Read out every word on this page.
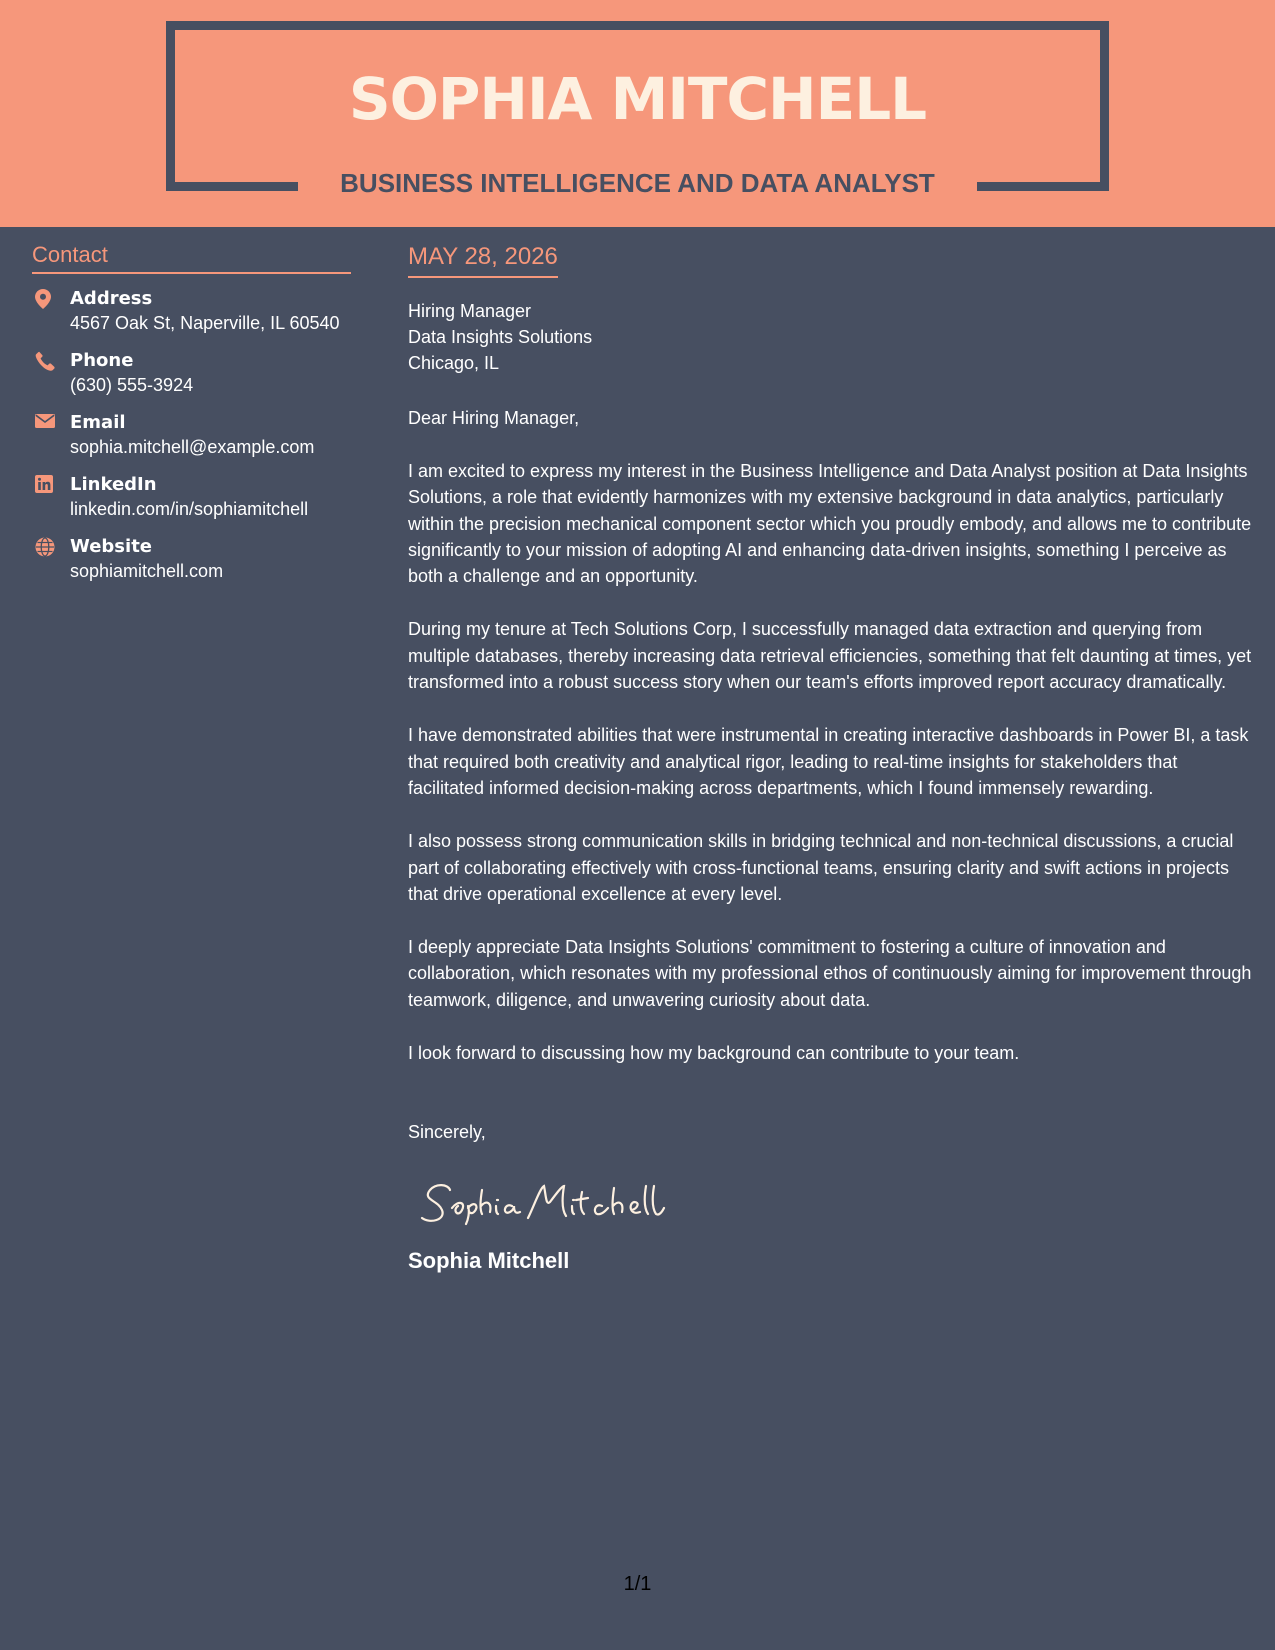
SOPHIA MITCHELL
BUSINESS INTELLIGENCE AND DATA ANALYST
Contact
Address
4567 Oak St, Naperville, IL 60540
Phone
(630) 555-3924
Email
sophia.mitchell@example.com
LinkedIn
linkedin.com/in/sophiamitchell
Website
sophiamitchell.com
MAY 28, 2026
Hiring Manager
Data Insights Solutions
Chicago, IL
Dear Hiring Manager,

I am excited to express my interest in the Business Intelligence and Data Analyst position at Data Insights Solutions, a role that evidently harmonizes with my extensive background in data analytics, particularly within the precision mechanical component sector which you proudly embody, and allows me to contribute significantly to your mission of adopting AI and enhancing data-driven insights, something I perceive as both a challenge and an opportunity.

During my tenure at Tech Solutions Corp, I successfully managed data extraction and querying from multiple databases, thereby increasing data retrieval efficiencies, something that felt daunting at times, yet transformed into a robust success story when our team's efforts improved report accuracy dramatically.

I have demonstrated abilities that were instrumental in creating interactive dashboards in Power BI, a task that required both creativity and analytical rigor, leading to real-time insights for stakeholders that facilitated informed decision-making across departments, which I found immensely rewarding.

I also possess strong communication skills in bridging technical and non-technical discussions, a crucial part of collaborating effectively with cross-functional teams, ensuring clarity and swift actions in projects that drive operational excellence at every level.

I deeply appreciate Data Insights Solutions' commitment to fostering a culture of innovation and collaboration, which resonates with my professional ethos of continuously aiming for improvement through teamwork, diligence, and unwavering curiosity about data.

I look forward to discussing how my background can contribute to your team.

Sincerely,
Sophia Mitchell
1/1
